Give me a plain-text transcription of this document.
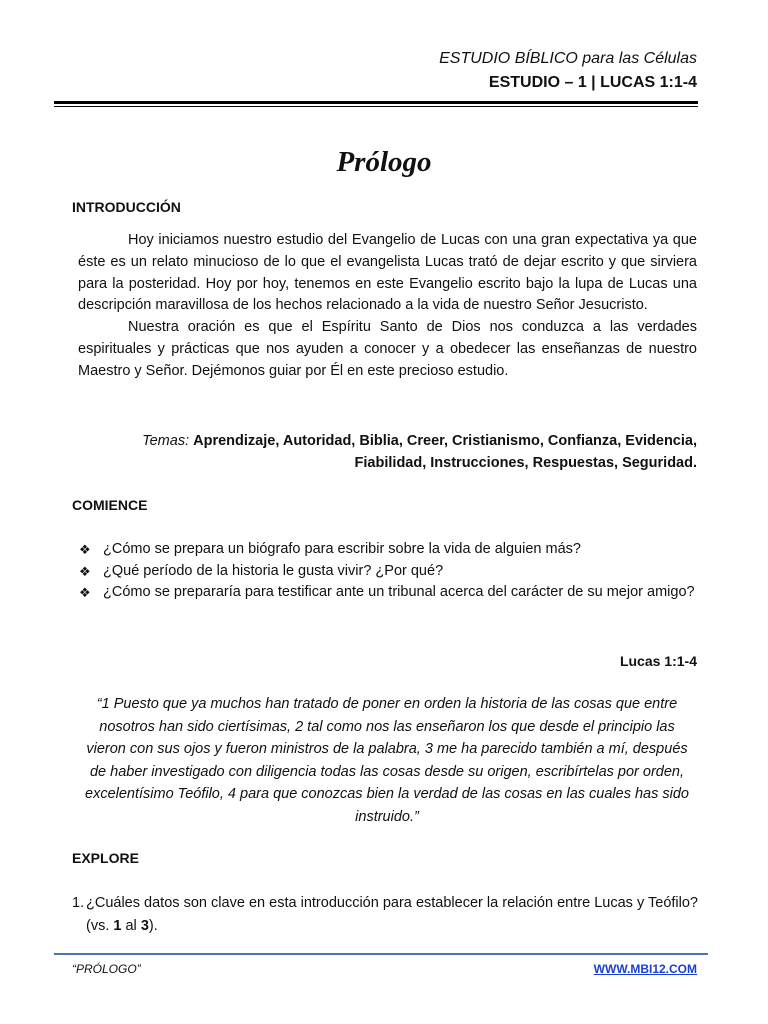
ESTUDIO BÍBLICO para las Células
ESTUDIO – 1 | LUCAS 1:1-4
Prólogo
INTRODUCCIÓN

Hoy iniciamos nuestro estudio del Evangelio de Lucas con una gran expectativa ya que éste es un relato minucioso de lo que el evangelista Lucas trató de dejar escrito y que sirviera para la posteridad. Hoy por hoy, tenemos en este Evangelio escrito bajo la lupa de Lucas una descripción maravillosa de los hechos relacionado a la vida de nuestro Señor Jesucristo.

Nuestra oración es que el Espíritu Santo de Dios nos conduzca a las verdades espirituales y prácticas que nos ayuden a conocer y a obedecer las enseñanzas de nuestro Maestro y Señor. Dejémonos guiar por Él en este precioso estudio.

Temas: Aprendizaje, Autoridad, Biblia, Creer, Cristianismo, Confianza, Evidencia, Fiabilidad, Instrucciones, Respuestas, Seguridad.
COMIENCE
❖ ¿Cómo se prepara un biógrafo para escribir sobre la vida de alguien más?
❖ ¿Qué período de la historia le gusta vivir? ¿Por qué?
❖ ¿Cómo se prepararía para testificar ante un tribunal acerca del carácter de su mejor amigo?
Lucas 1:1-4
“1 Puesto que ya muchos han tratado de poner en orden la historia de las cosas que entre nosotros han sido ciertísimas, 2 tal como nos las enseñaron los que desde el principio las vieron con sus ojos y fueron ministros de la palabra, 3 me ha parecido también a mí, después de haber investigado con diligencia todas las cosas desde su origen, escribírtelas por orden, excelentísimo Teófilo, 4 para que conozcas bien la verdad de las cosas en las cuales has sido instruido.”
EXPLORE
1. ¿Cuáles datos son clave en esta introducción para establecer la relación entre Lucas y Teófilo? (vs. 1 al 3).
“PRÓLOGO”	WWW.MBI12.COM
